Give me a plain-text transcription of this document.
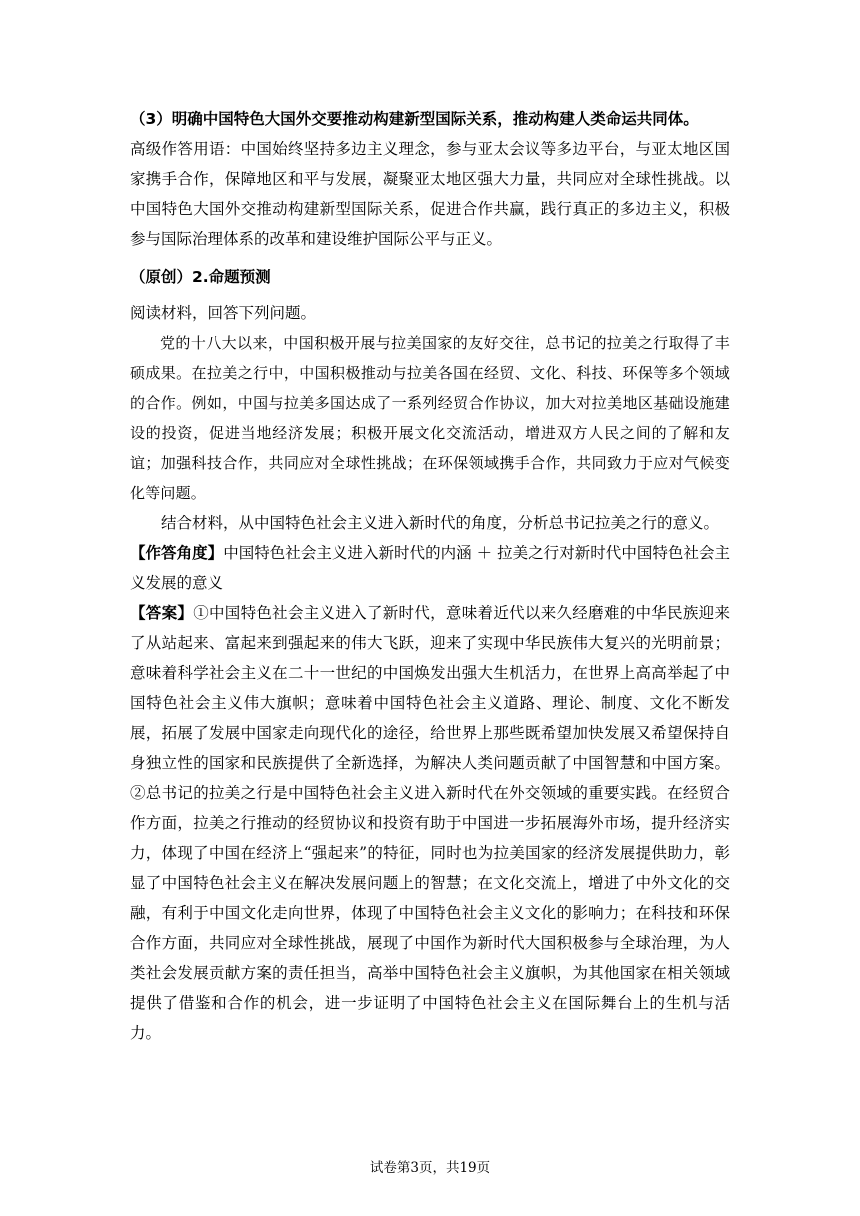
（3）明确中国特色大国外交要推动构建新型国际关系，推动构建人类命运共同体。

高级作答用语：中国始终坚持多边主义理念，参与亚太会议等多边平台，与亚太地区国家携手合作，保障地区和平与发展，凝聚亚太地区强大力量，共同应对全球性挑战。以中国特色大国外交推动构建新型国际关系，促进合作共赢，践行真正的多边主义，积极参与国际治理体系的改革和建设维护国际公平与正义。

（原创）2.命题预测

阅读材料，回答下列问题。

党的十八大以来，中国积极开展与拉美国家的友好交往，总书记的拉美之行取得了丰硕成果。在拉美之行中，中国积极推动与拉美各国在经贸、文化、科技、环保等多个领域的合作。例如，中国与拉美多国达成了一系列经贸合作协议，加大对拉美地区基础设施建设的投资，促进当地经济发展；积极开展文化交流活动，增进双方人民之间的了解和友谊；加强科技合作，共同应对全球性挑战；在环保领域携手合作，共同致力于应对气候变化等问题。

结合材料，从中国特色社会主义进入新时代的角度，分析总书记拉美之行的意义。

【作答角度】中国特色社会主义进入新时代的内涵 ＋ 拉美之行对新时代中国特色社会主义发展的意义

【答案】①中国特色社会主义进入了新时代，意味着近代以来久经磨难的中华民族迎来了从站起来、富起来到强起来的伟大飞跃，迎来了实现中华民族伟大复兴的光明前景；意味着科学社会主义在二十一世纪的中国焕发出强大生机活力，在世界上高高举起了中国特色社会主义伟大旗帜；意味着中国特色社会主义道路、理论、制度、文化不断发展，拓展了发展中国家走向现代化的途径，给世界上那些既希望加快发展又希望保持自身独立性的国家和民族提供了全新选择，为解决人类问题贡献了中国智慧和中国方案。②总书记的拉美之行是中国特色社会主义进入新时代在外交领域的重要实践。在经贸合作方面，拉美之行推动的经贸协议和投资有助于中国进一步拓展海外市场，提升经济实力，体现了中国在经济上“强起来”的特征，同时也为拉美国家的经济发展提供助力，彰显了中国特色社会主义在解决发展问题上的智慧；在文化交流上，增进了中外文化的交融，有利于中国文化走向世界，体现了中国特色社会主义文化的影响力；在科技和环保合作方面，共同应对全球性挑战，展现了中国作为新时代大国积极参与全球治理，为人类社会发展贡献方案的责任担当，高举中国特色社会主义旗帜，为其他国家在相关领域提供了借鉴和合作的机会，进一步证明了中国特色社会主义在国际舞台上的生机与活力。

试卷第3页，共19页
